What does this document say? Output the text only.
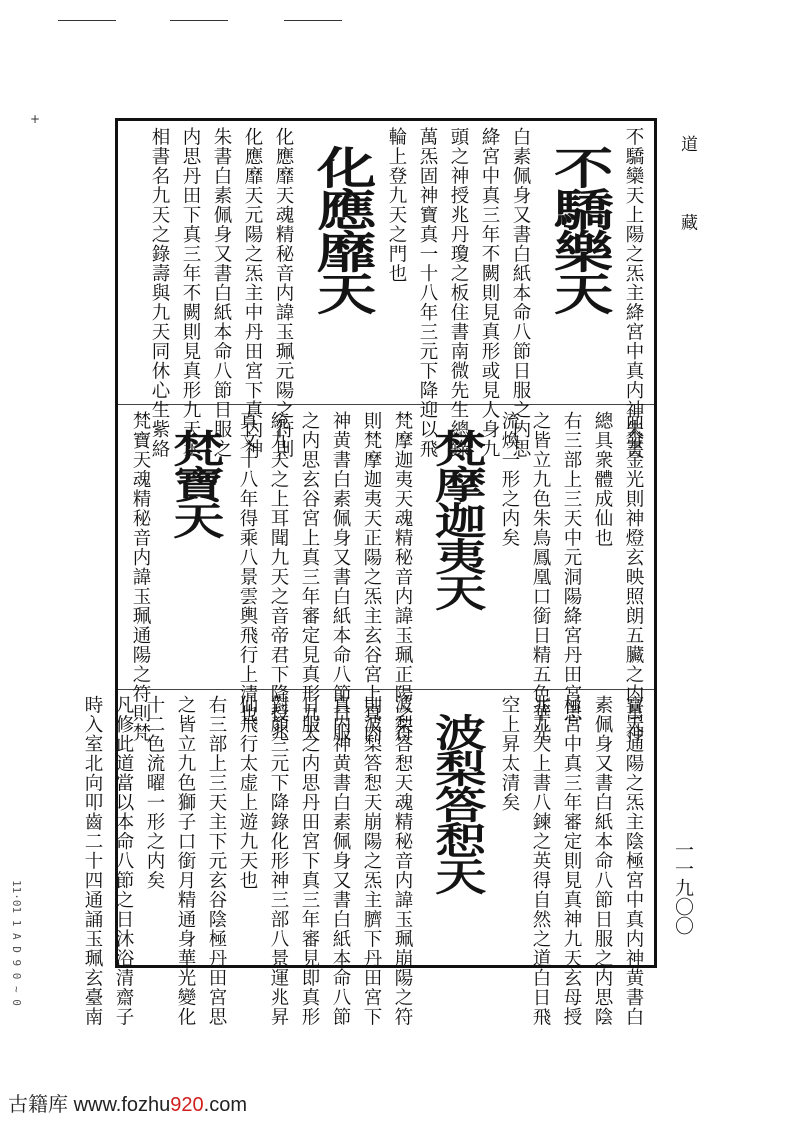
+
11·01 1 A D 9 0 ~ 0
不驕欒天上陽之炁主絳宮中真内神朱書
不驕樂天
白素佩身又書白紙本命八節日服之内思
絳宮中真三年不闕則見真形或見人身九
頭之神授兆丹瓊之板住書南微先生總錄
萬炁固神寶真一十八年三元下降迎以飛
輪上登九天之門也
化應靡天
化應靡天魂精秘音内諱玉珮元陽之符則
化應靡天元陽之炁主中丹田宮下真内神
朱書白素佩身又書白紙本命八節日服之
内思丹田下真三年不闕則見真形九天丞
相書名九天之錄壽與九天同休心生紫絡
面發金光則神燈玄映照朗五臟之内萬神
總具衆體成仙也
右三部上三天中元洞陽絳宮丹田宮思
之皆立九色朱鳥鳳凰口銜日精五色華光
流煥一形之内矣
梵摩迦夷天
梵摩迦夷天魂精秘音内諱玉珮正陽之符
則梵摩迦夷天正陽之炁主玄谷宮上真内
神黄書白素佩身又書白紙本命八節日服
之内思玄谷宮上真三年審定見真形九天
統九天之上耳聞九天之音帝君下降授兆
真文十八年得乘八景雲輿飛行上清也
梵寶天
梵寶天魂精秘音内諱玉珮通陽之符則梵
寶天通陽之炁主陰極宮中真内神黄書白
素佩身又書白紙本命八節日服之内思陰
極宮中真三年審定則見真神九天玄母授
兆九天上書八鍊之英得自然之道白日飛
空上昇太清矣
波梨答惒天
波梨答惒天魂精秘音内諱玉珮崩陽之符
則波梨答惒天崩陽之炁主臍下丹田宮下
真内神黄書白素佩身又書白紙本命八節
日服之内思丹田宮下真三年審見即真形
對顏三元下降錄化形神三部八景運兆昇
仙飛行太虚上遊九天也
右三部上三天主下元玄谷陰極丹田宮思
之皆立九色獅子口銜月精通身華光變化
十二色流曜一形之内矣
凡修此道當以本命八節之日沐浴清齋子
時入室北向叩齒二十四通誦玉珮玄臺南
道 藏
一一九〇〇
古籍库 www.fozhu920.com
